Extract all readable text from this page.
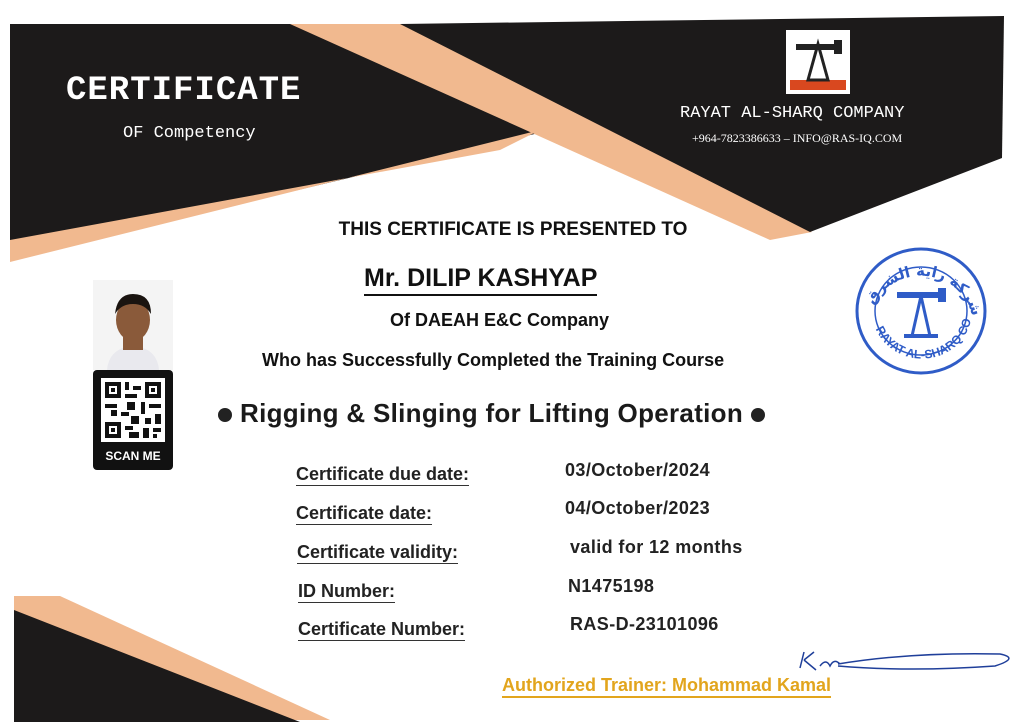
CERTIFICATE
OF Competency
RAYAT AL-SHARQ COMPANY
+964-7823386633 – INFO@RAS-IQ.COM
THIS CERTIFICATE IS PRESENTED TO
Mr. DILIP KASHYAP
Of DAEAH E&C Company
Who has Successfully Completed the Training Course
Rigging & Slinging for Lifting Operation
SCAN ME
شركة راية الشرق
RAYAT AL-SHARQ CO
Certificate due date:	03/October/2024
Certificate date:	04/October/2023
Certificate validity:	valid for 12 months
ID Number:	N1475198
Certificate Number:	RAS-D-23101096
Authorized Trainer: Mohammad Kamal
